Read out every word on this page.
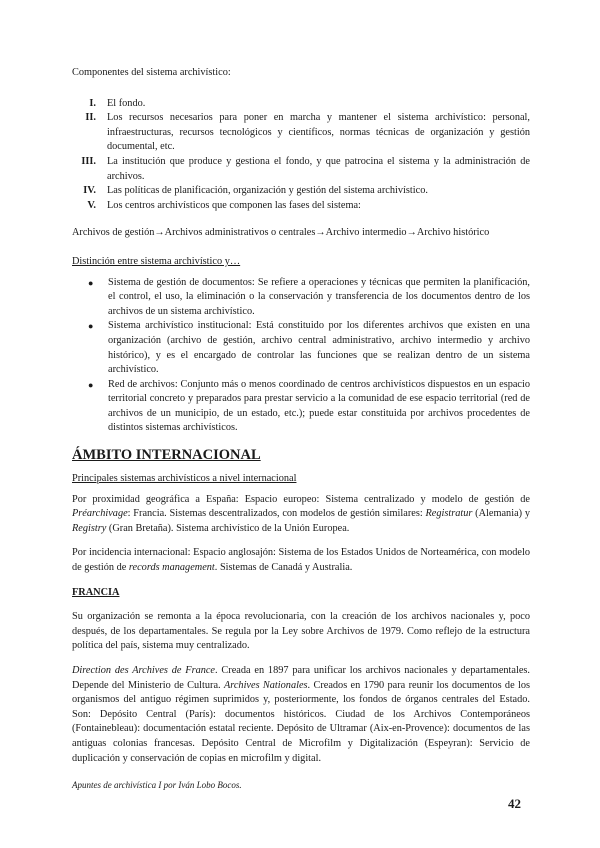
Componentes del sistema archivístico:

I.	El fondo.
II.	Los recursos necesarios para poner en marcha y mantener el sistema archivístico: personal, infraestructuras, recursos tecnológicos y científicos, normas técnicas de organización y gestión documental, etc.
III.	La institución que produce y gestiona el fondo, y que patrocina el sistema y la administración de archivos.
IV.	Las políticas de planificación, organización y gestión del sistema archivístico.
V.	Los centros archivísticos que componen las fases del sistema:

Archivos de gestión→Archivos administrativos o centrales→Archivo intermedio→Archivo histórico

Distinción entre sistema archivístico y…

●	Sistema de gestión de documentos: Se refiere a operaciones y técnicas que permiten la planificación, el control, el uso, la eliminación o la conservación y transferencia de los documentos dentro de los archivos de un sistema archivístico.
●	Sistema archivístico institucional: Está constituido por los diferentes archivos que existen en una organización (archivo de gestión, archivo central administrativo, archivo intermedio y archivo histórico), y es el encargado de controlar las funciones que se realizan dentro de un sistema archivístico.
●	Red de archivos: Conjunto más o menos coordinado de centros archivísticos dispuestos en un espacio territorial concreto y preparados para prestar servicio a la comunidad de ese espacio territorial (red de archivos de un municipio, de un estado, etc.); puede estar constituida por archivos procedentes de distintos sistemas archivísticos.
ÁMBITO INTERNACIONAL

Principales sistemas archivísticos a nivel internacional

Por proximidad geográfica a España: Espacio europeo: Sistema centralizado y modelo de gestión de Préarchivage: Francia. Sistemas descentralizados, con modelos de gestión similares: Registratur (Alemania) y Registry (Gran Bretaña). Sistema archivístico de la Unión Europea.

Por incidencia internacional: Espacio anglosajón: Sistema de los Estados Unidos de Norteamérica, con modelo de gestión de records management. Sistemas de Canadá y Australia.

FRANCIA

Su organización se remonta a la época revolucionaria, con la creación de los archivos nacionales y, poco después, de los departamentales. Se regula por la Ley sobre Archivos de 1979. Como reflejo de la estructura política del país, sistema muy centralizado.

Direction des Archives de France. Creada en 1897 para unificar los archivos nacionales y departamentales. Depende del Ministerio de Cultura. Archives Nationales. Creados en 1790 para reunir los documentos de los organismos del antiguo régimen suprimidos y, posteriormente, los fondos de órganos centrales del Estado. Son: Depósito Central (París): documentos históricos. Ciudad de los Archivos Contemporáneos (Fontainebleau): documentación estatal reciente. Depósito de Ultramar (Aix-en-Provence): documentos de las antiguas colonias francesas. Depósito Central de Microfilm y Digitalización (Espeyran): Servicio de duplicación y conservación de copias en microfilm y digital.

Apuntes de archivística I por Iván Lobo Bocos.
42
